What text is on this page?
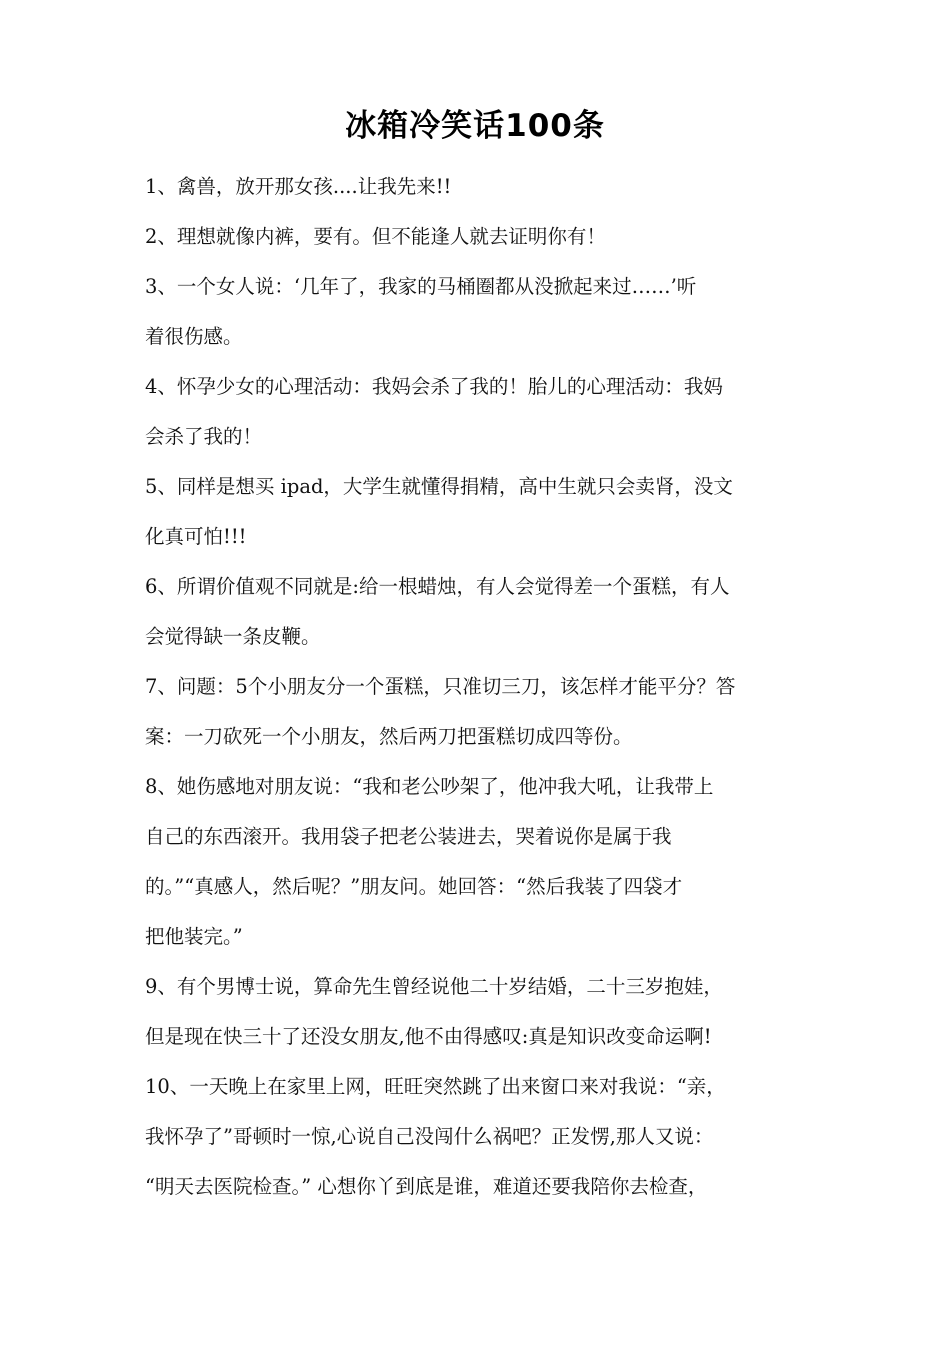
冰箱冷笑话100条
1、禽兽，放开那女孩....让我先来!!
2、理想就像内裤，要有。但不能逢人就去证明你有！
3、一个女人说：‘几年了，我家的马桶圈都从没掀起来过……’听
着很伤感。
4、怀孕少女的心理活动：我妈会杀了我的！胎儿的心理活动：我妈
会杀了我的！
5、同样是想买 ipad，大学生就懂得捐精，高中生就只会卖肾，没文
化真可怕!!!
6、所谓价值观不同就是:给一根蜡烛，有人会觉得差一个蛋糕，有人
会觉得缺一条皮鞭。
7、问题：5个小朋友分一个蛋糕，只准切三刀，该怎样才能平分？答
案：一刀砍死一个小朋友，然后两刀把蛋糕切成四等份。
8、她伤感地对朋友说：“我和老公吵架了，他冲我大吼，让我带上
自己的东西滚开。我用袋子把老公装进去，哭着说你是属于我
的。”“真感人，然后呢？”朋友问。她回答：“然后我装了四袋才
把他装完。”
9、有个男博士说，算命先生曾经说他二十岁结婚，二十三岁抱娃，
但是现在快三十了还没女朋友,他不由得感叹:真是知识改变命运啊!
10、一天晚上在家里上网，旺旺突然跳了出来窗口来对我说：“亲，
我怀孕了”哥顿时一惊,心说自己没闯什么祸吧？正发愣,那人又说：
“明天去医院检查。” 心想你丫到底是谁，难道还要我陪你去检查，
